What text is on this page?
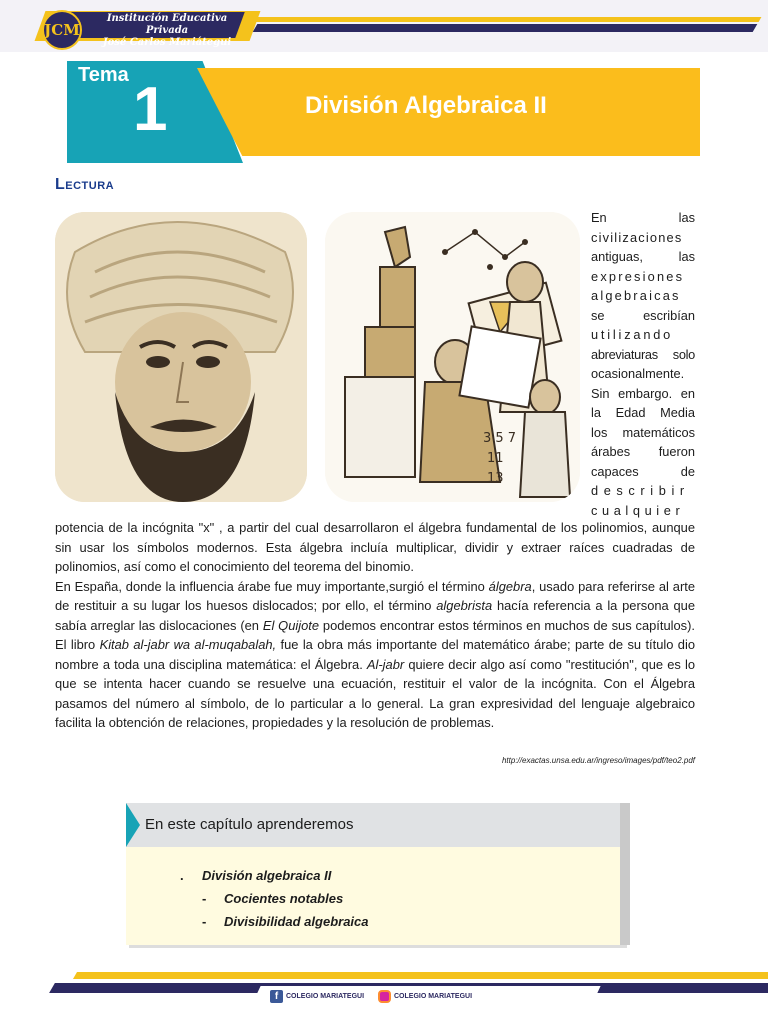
JCM
Institución Educativa Privada
José Carlos Mariátegui
Tema 1	División Algebraica II
Lectura
3 5 7
11
13
En	las
civilizaciones
antiguas,	las
expresiones
algebraicas
se	escribían
utilizando
abreviaturas solo
ocasionalmente.
Sin embargo. en
la Edad Media
los matemáticos
árabes fueron
capaces	de
describir
cualquier

potencia de la incógnita "x" , a partir del cual desarrollaron el álgebra fundamental de los polinomios, aunque sin usar los símbolos modernos. Esta álgebra incluía multiplicar, dividir y extraer raíces cuadradas de polinomios, así como el conocimiento del teorema del binomio.

En España, donde la influencia árabe fue muy importante,surgió el término álgebra, usado para referirse al arte de restituir a su lugar los huesos dislocados; por ello, el término algebrista hacía referencia a la persona que sabía arreglar las dislocaciones (en El Quijote podemos encontrar estos términos en muchos de sus capítulos). El libro Kitab al-jabr wa al-muqabalah, fue la obra más importante del matemático árabe; parte de su título dio nombre a toda una disciplina matemática: el Álgebra. Al-jabr quiere decir algo así como "restitución", que es lo que se intenta hacer cuando se resuelve una ecuación, restituir el valor de la incógnita. Con el Álgebra pasamos del número al símbolo, de lo particular a lo general. La gran expresividad del lenguaje algebraico facilita la obtención de relaciones, propiedades y la resolución de problemas.

http://exactas.unsa.edu.ar/ingreso/images/pdf/teo2.pdf
En este capítulo aprenderemos
. División algebraica II
- Cocientes notables
- Divisibilidad algebraica
f	COLEGIO MARIATEGUI	COLEGIO MARIATEGUI
